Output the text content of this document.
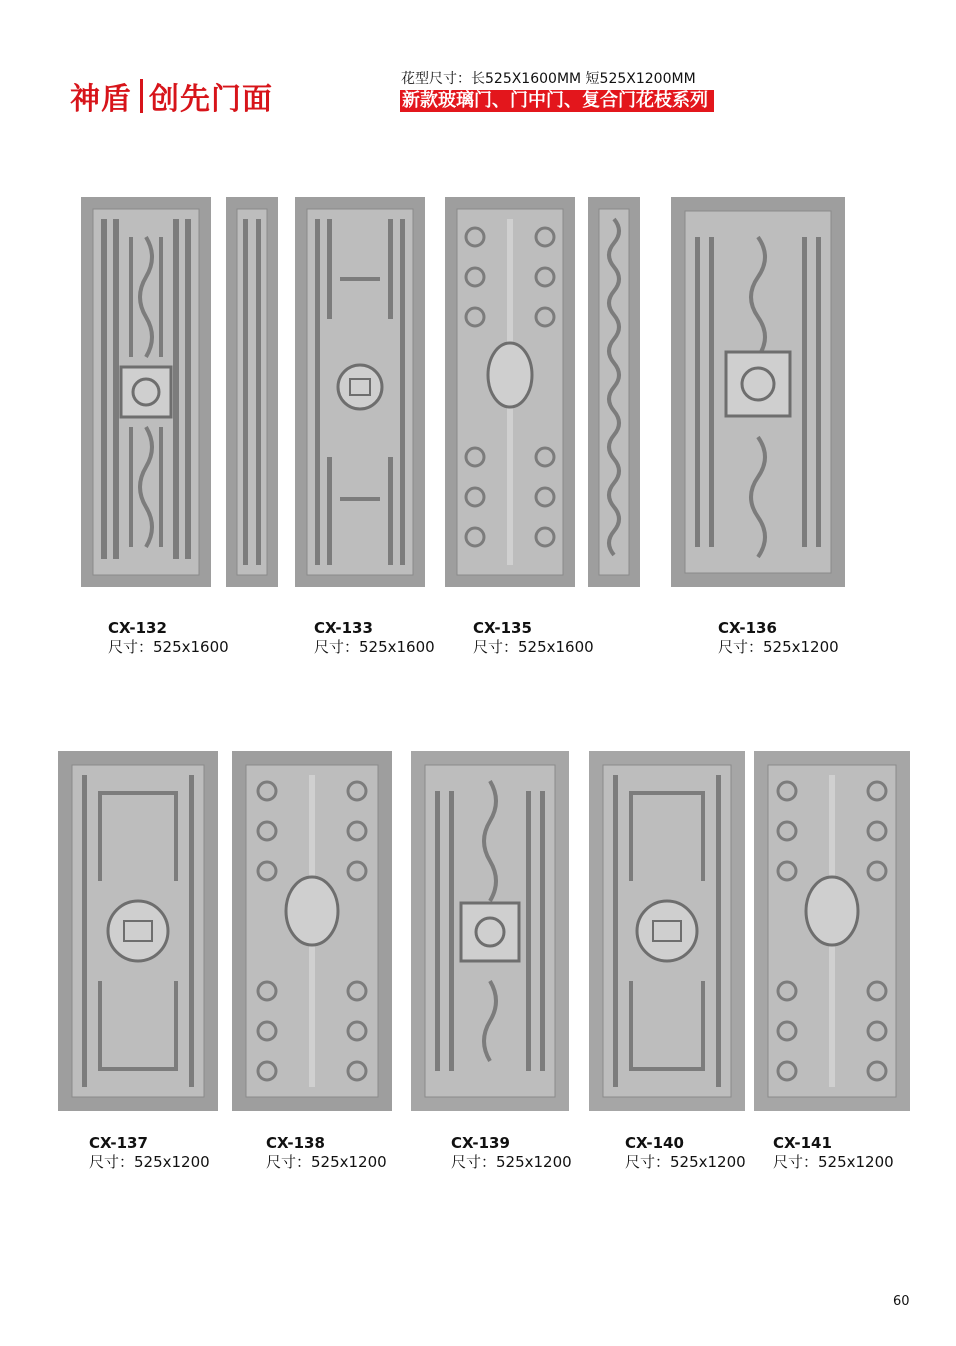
神盾 创先门面
花型尺寸：长525X1600MM 短525X1200MM
新款玻璃门、门中门、复合门花枝系列
CX-132
尺寸：525x1600
CX-133
尺寸：525x1600
CX-135
尺寸：525x1600
CX-136
尺寸：525x1200
CX-137
尺寸：525x1200
CX-138
尺寸：525x1200
CX-139
尺寸：525x1200
CX-140
尺寸：525x1200
CX-141
尺寸：525x1200
60
